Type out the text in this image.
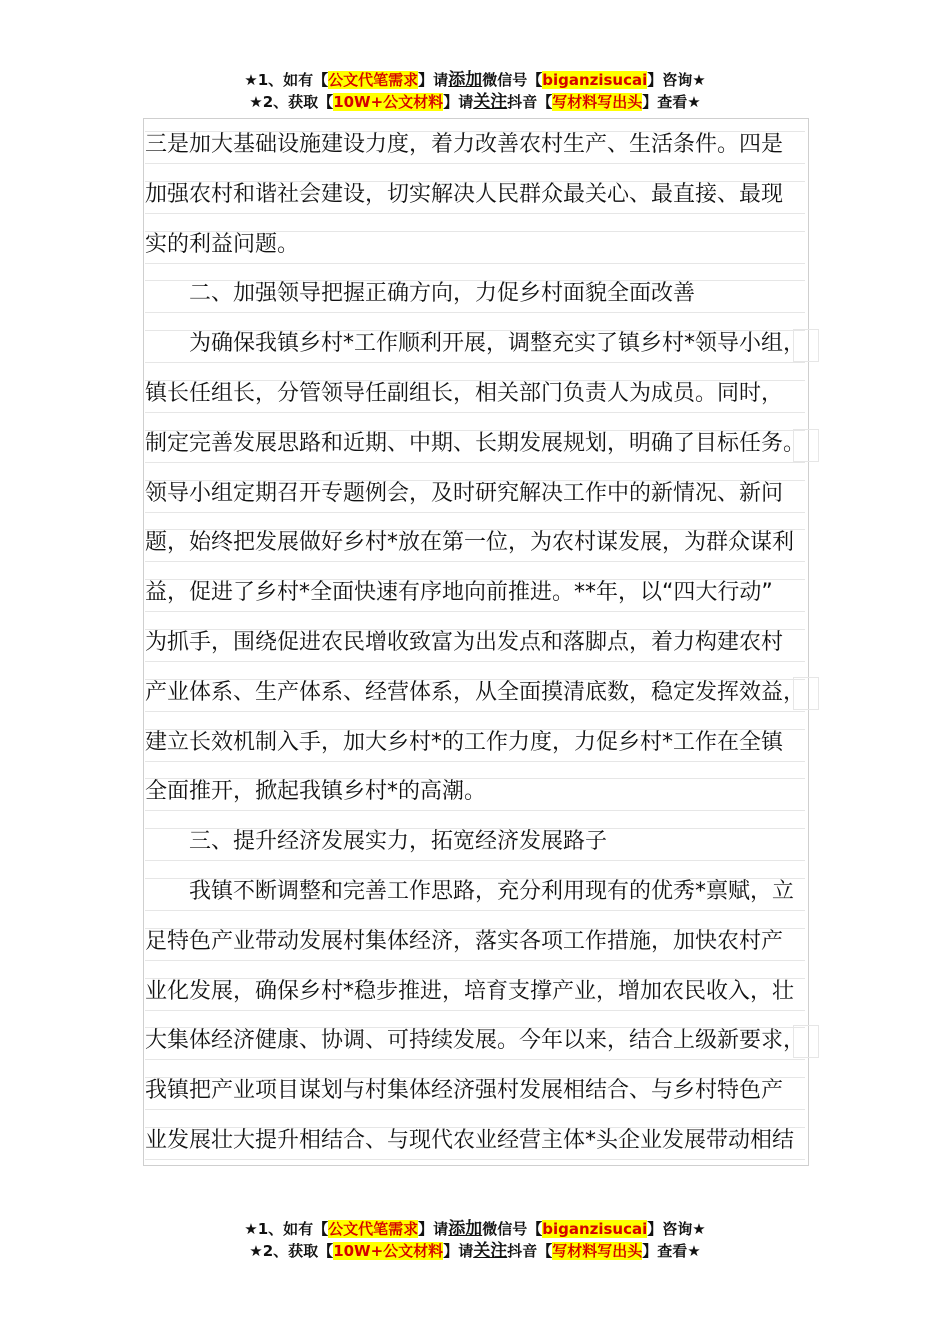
★1、如有【公文代笔需求】请添加微信号【biganzisucai】咨询★
★2、获取【10W+公文材料】请关注抖音【写材料写出头】查看★
三是加大基础设施建设力度，着力改善农村生产、生活条件。四是
加强农村和谐社会建设，切实解决人民群众最关心、最直接、最现
实的利益问题。
二、加强领导把握正确方向，力促乡村面貌全面改善
为确保我镇乡村*工作顺利开展，调整充实了镇乡村*领导小组，
镇长任组长，分管领导任副组长，相关部门负责人为成员。同时，
制定完善发展思路和近期、中期、长期发展规划，明确了目标任务。
领导小组定期召开专题例会，及时研究解决工作中的新情况、新问
题，始终把发展做好乡村*放在第一位，为农村谋发展，为群众谋利
益，促进了乡村*全面快速有序地向前推进。**年，以“四大行动”
为抓手，围绕促进农民增收致富为出发点和落脚点，着力构建农村
产业体系、生产体系、经营体系，从全面摸清底数，稳定发挥效益，
建立长效机制入手，加大乡村*的工作力度，力促乡村*工作在全镇
全面推开，掀起我镇乡村*的高潮。
三、提升经济发展实力，拓宽经济发展路子
我镇不断调整和完善工作思路，充分利用现有的优秀*禀赋，立
足特色产业带动发展村集体经济，落实各项工作措施，加快农村产
业化发展，确保乡村*稳步推进，培育支撑产业，增加农民收入，壮
大集体经济健康、协调、可持续发展。今年以来，结合上级新要求，
我镇把产业项目谋划与村集体经济强村发展相结合、与乡村特色产
业发展壮大提升相结合、与现代农业经营主体*头企业发展带动相结
★1、如有【公文代笔需求】请添加微信号【biganzisucai】咨询★
★2、获取【10W+公文材料】请关注抖音【写材料写出头】查看★
